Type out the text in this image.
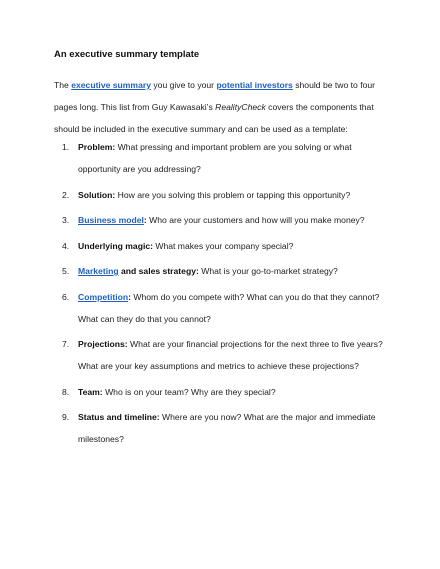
An executive summary template
The executive summary you give to your potential investors should be two to four
pages long. This list from Guy Kawasaki’s RealityCheck covers the components that
should be included in the executive summary and can be used as a template:
1. Problem: What pressing and important problem are you solving or what
opportunity are you addressing?
2. Solution: How are you solving this problem or tapping this opportunity?
3. Business model: Who are your customers and how will you make money?
4. Underlying magic: What makes your company special?
5. Marketing and sales strategy: What is your go-to-market strategy?
6. Competition: Whom do you compete with? What can you do that they cannot?
What can they do that you cannot?
7. Projections: What are your financial projections for the next three to five years?
What are your key assumptions and metrics to achieve these projections?
8. Team: Who is on your team? Why are they special?
9. Status and timeline: Where are you now? What are the major and immediate
milestones?
